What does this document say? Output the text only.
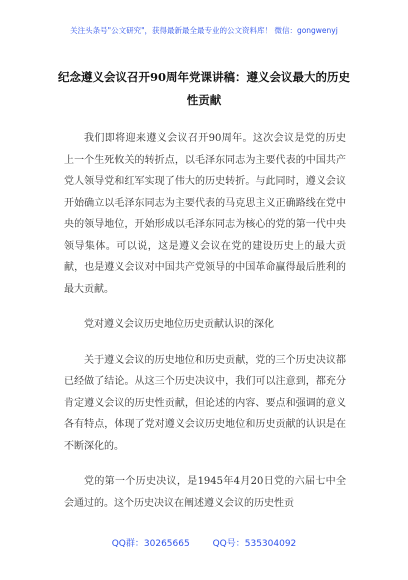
关注头条号"公文研究"，获得最新最全最专业的公文资料库！ 微信：gongwenyj
纪念遵义会议召开90周年党课讲稿：遵义会议最大的历史
性贡献

我们即将迎来遵义会议召开90周年。这次会议是党的历史上一个生死攸关的转折点，以毛泽东同志为主要代表的中国共产党人领导党和红军实现了伟大的历史转折。与此同时，遵义会议开始确立以毛泽东同志为主要代表的马克思主义正确路线在党中央的领导地位，开始形成以毛泽东同志为核心的党的第一代中央领导集体。可以说，这是遵义会议在党的建设历史上的最大贡献，也是遵义会议对中国共产党领导的中国革命赢得最后胜利的最大贡献。

党对遵义会议历史地位历史贡献认识的深化

关于遵义会议的历史地位和历史贡献，党的三个历史决议都已经做了结论。从这三个历史决议中，我们可以注意到，都充分肯定遵义会议的历史性贡献，但论述的内容、要点和强调的意义各有特点，体现了党对遵义会议历史地位和历史贡献的认识是在不断深化的。

党的第一个历史决议，是1945年4月20日党的六届七中全会通过的。这个历史决议在阐述遵义会议的历史性贡

QQ群：30265665	QQ号：535304092
